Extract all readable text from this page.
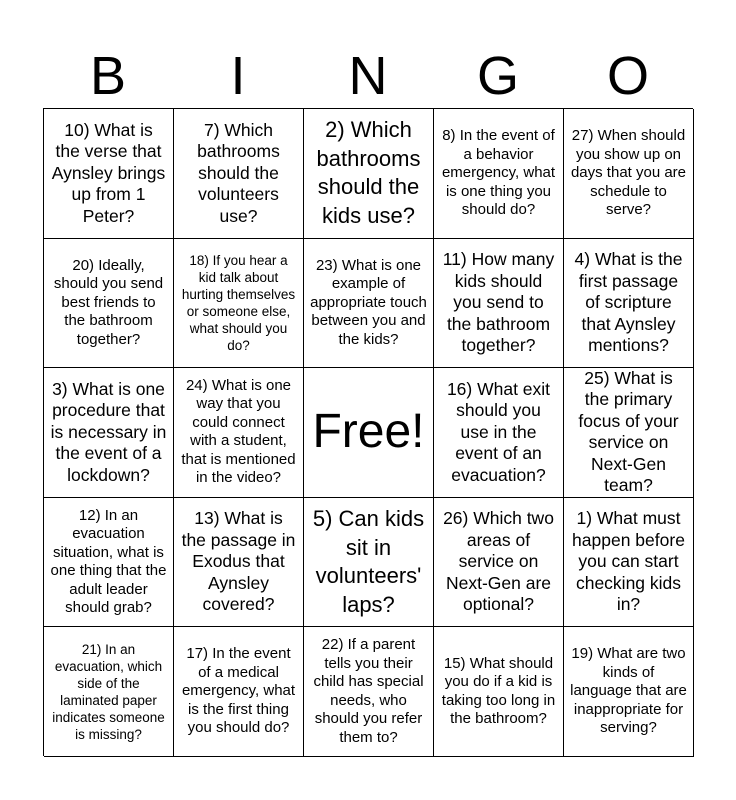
B	I	N	G	O
10) What is the verse that Aynsley brings up from 1 Peter?
7) Which bathrooms should the volunteers use?
2) Which bathrooms should the kids use?
8) In the event of a behavior emergency, what is one thing you should do?
27) When should you show up on days that you are schedule to serve?
20) Ideally, should you send best friends to the bathroom together?
18) If you hear a kid talk about hurting themselves or someone else, what should you do?
23) What is one example of appropriate touch between you and the kids?
11) How many kids should you send to the bathroom together?
4) What is the first passage of scripture that Aynsley mentions?
3) What is one procedure that is necessary in the event of a lockdown?
24) What is one way that you could connect with a student, that is mentioned in the video?
Free!
16) What exit should you use in the event of an evacuation?
25) What is the primary focus of your service on Next-Gen team?
12) In an evacuation situation, what is one thing that the adult leader should grab?
13) What is the passage in Exodus that Aynsley covered?
5) Can kids sit in volunteers' laps?
26) Which two areas of service on Next-Gen are optional?
1) What must happen before you can start checking kids in?
21) In an evacuation, which side of the laminated paper indicates someone is missing?
17) In the event of a medical emergency, what is the first thing you should do?
22) If a parent tells you their child has special needs, who should you refer them to?
15) What should you do if a kid is taking too long in the bathroom?
19) What are two kinds of language that are inappropriate for serving?
